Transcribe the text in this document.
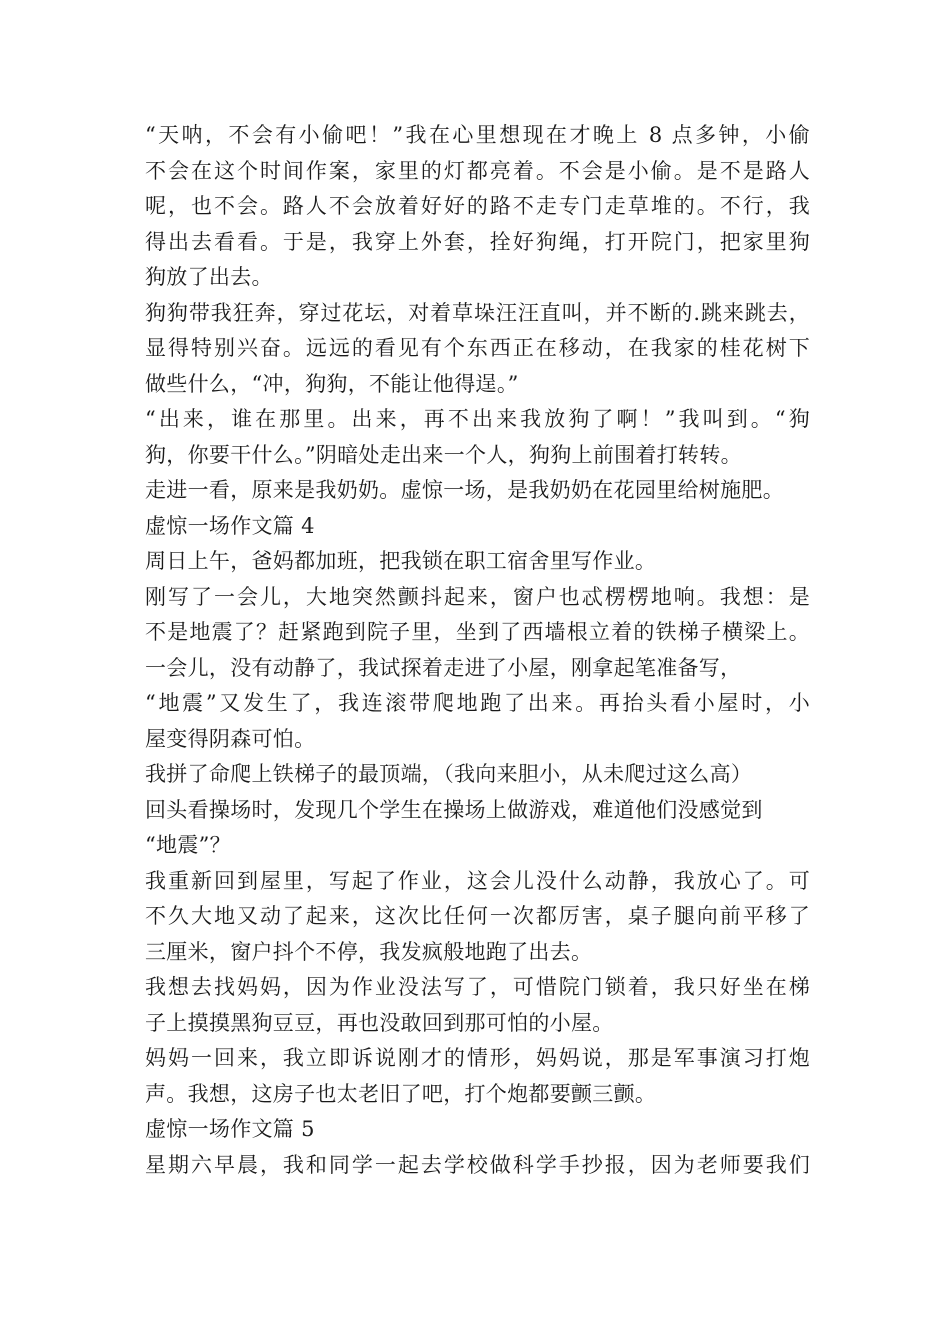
“天呐，不会有小偷吧！”我在心里想现在才晚上 8 点多钟，小偷
不会在这个时间作案，家里的灯都亮着。不会是小偷。是不是路人
呢，也不会。路人不会放着好好的路不走专门走草堆的。不行，我
得出去看看。于是，我穿上外套，拴好狗绳，打开院门，把家里狗
狗放了出去。
狗狗带我狂奔，穿过花坛，对着草垛汪汪直叫，并不断的.跳来跳去，
显得特别兴奋。远远的看见有个东西正在移动，在我家的桂花树下
做些什么，“冲，狗狗，不能让他得逞。”
“出来，谁在那里。出来，再不出来我放狗了啊！”我叫到。“狗
狗，你要干什么。”阴暗处走出来一个人，狗狗上前围着打转转。
走进一看，原来是我奶奶。虚惊一场，是我奶奶在花园里给树施肥。
虚惊一场作文篇 4
周日上午，爸妈都加班，把我锁在职工宿舍里写作业。
刚写了一会儿，大地突然颤抖起来，窗户也忒楞楞地响。我想：是
不是地震了？赶紧跑到院子里，坐到了西墙根立着的铁梯子横梁上。
一会儿，没有动静了，我试探着走进了小屋，刚拿起笔准备写，
“地震”又发生了，我连滚带爬地跑了出来。再抬头看小屋时，小
屋变得阴森可怕。
我拼了命爬上铁梯子的最顶端，（我向来胆小，从未爬过这么高）
回头看操场时，发现几个学生在操场上做游戏，难道他们没感觉到
“地震”？
我重新回到屋里，写起了作业，这会儿没什么动静，我放心了。可
不久大地又动了起来，这次比任何一次都厉害，桌子腿向前平移了
三厘米，窗户抖个不停，我发疯般地跑了出去。
我想去找妈妈，因为作业没法写了，可惜院门锁着，我只好坐在梯
子上摸摸黑狗豆豆，再也没敢回到那可怕的小屋。
妈妈一回来，我立即诉说刚才的情形，妈妈说，那是军事演习打炮
声。我想，这房子也太老旧了吧，打个炮都要颤三颤。
虚惊一场作文篇 5
星期六早晨，我和同学一起去学校做科学手抄报，因为老师要我们
